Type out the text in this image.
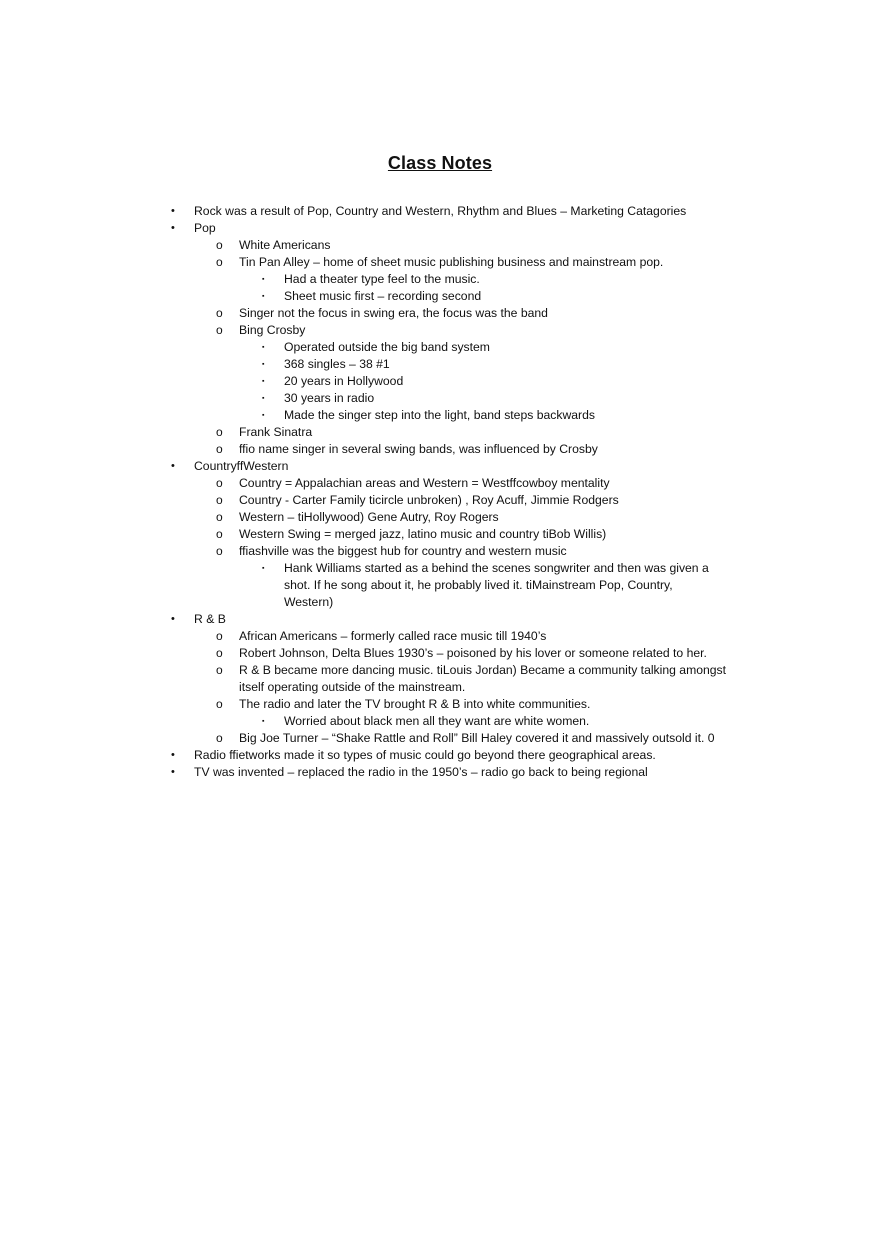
Class Notes
• Rock was a result of Pop, Country and Western, Rhythm and Blues – Marketing Catagories
• Pop
o White Americans
o Tin Pan Alley – home of sheet music publishing business and mainstream pop.
▪ Had a theater type feel to the music.
▪ Sheet music first – recording second
o Singer not the focus in swing era, the focus was the band
o Bing Crosby
▪ Operated outside the big band system
▪ 368 singles – 38 #1
▪ 20 years in Hollywood
▪ 30 years in radio
▪ Made the singer step into the light, band steps backwards
o Frank Sinatra
o ffio name singer in several swing bands, was influenced by Crosby
• CountryffWestern
o Country = Appalachian areas and Western = Westffcowboy mentality
o Country - Carter Family ticircle unbroken) , Roy Acuff, Jimmie Rodgers
o Western – tiHollywood) Gene Autry, Roy Rogers
o Western Swing = merged jazz, latino music and country tiBob Willis)
o ffiashville was the biggest hub for country and western music
▪ Hank Williams started as a behind the scenes songwriter and then was given a
shot. If he song about it, he probably lived it. tiMainstream Pop, Country,
Western)
• R & B
o African Americans – formerly called race music till 1940’s
o Robert Johnson, Delta Blues 1930’s – poisoned by his lover or someone related to her.
o R & B became more dancing music. tiLouis Jordan) Became a community talking amongst
itself operating outside of the mainstream.
o The radio and later the TV brought R & B into white communities.
▪ Worried about black men all they want are white women.
o Big Joe Turner – “Shake Rattle and Roll” Bill Haley covered it and massively outsold it. 0
• Radio ffietworks made it so types of music could go beyond there geographical areas.
• TV was invented – replaced the radio in the 1950’s – radio go back to being regional
